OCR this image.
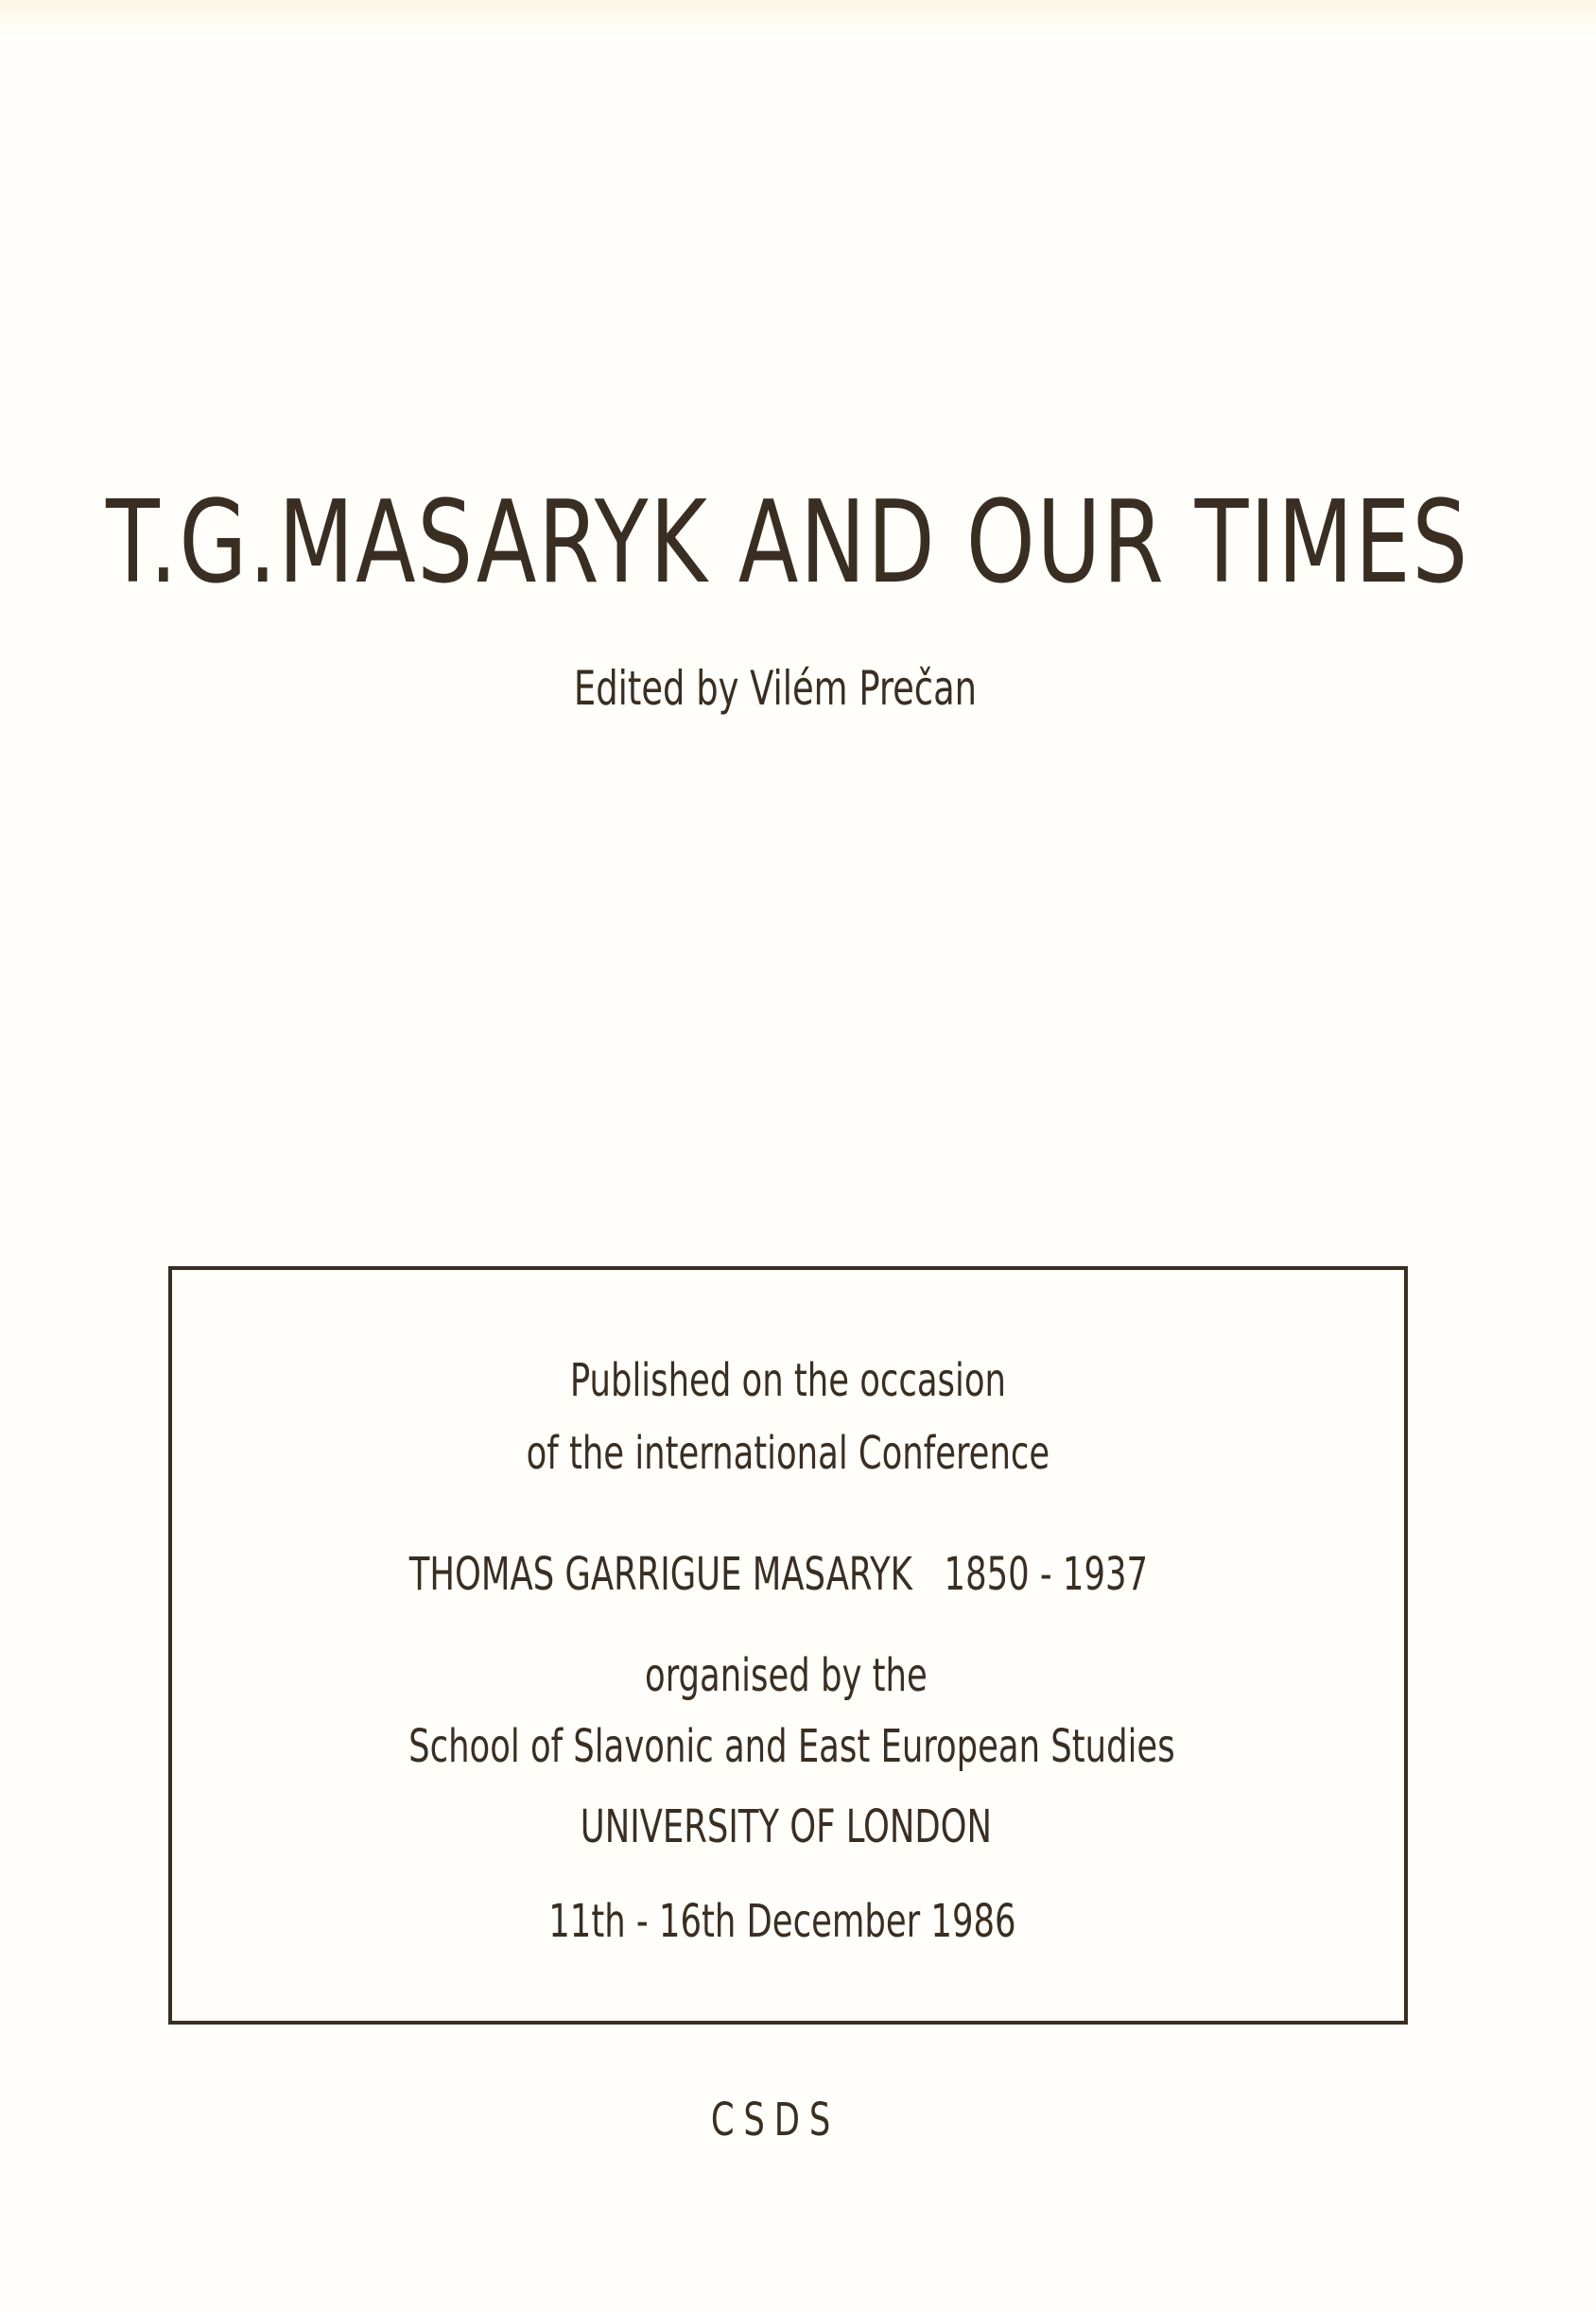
T.G.MASARYK AND OUR TIMES
Edited by Vilém Prečan
Published on the occasion
of the international Conference
THOMAS GARRIGUE MASARYK   1850 - 1937
organised by the
School of Slavonic and East European Studies
UNIVERSITY OF LONDON
11th - 16th December 1986
CSDS
